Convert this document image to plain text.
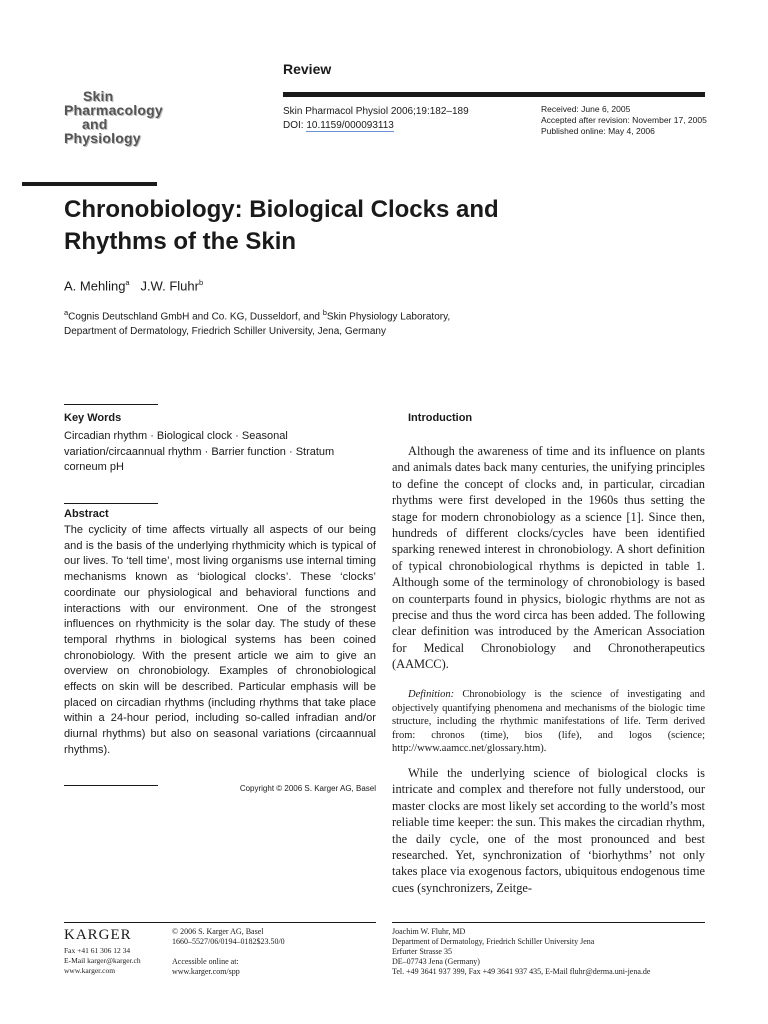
Review
Skin
Pharmacology
and
Physiology
Skin Pharmacol Physiol 2006;19:182–189
DOI: 10.1159/000093113
Received: June 6, 2005
Accepted after revision: November 17, 2005
Published online: May 4, 2006
Chronobiology: Biological Clocks and
Rhythms of the Skin
A. Mehling$^a$ J.W. Fluhr$^b$
$^a$Cognis Deutschland GmbH and Co. KG, Dusseldorf, and $^b$Skin Physiology Laboratory,
Department of Dermatology, Friedrich Schiller University, Jena, Germany
Key Words
Circadian rhythm · Biological clock · Seasonal variation/circaannual rhythm · Barrier function · Stratum corneum pH
Abstract
The cyclicity of time affects virtually all aspects of our being and is the basis of the underlying rhythmicity which is typical of our lives. To ‘tell time’, most living organisms use internal timing mechanisms known as ‘biological clocks’. These ‘clocks’ coordinate our physiological and behavioral functions and interactions with our environment. One of the strongest influences on rhythmicity is the solar day. The study of these temporal rhythms in biological systems has been coined chronobiology. With the present article we aim to give an overview on chronobiology. Examples of chronobiological effects on skin will be described. Particular emphasis will be placed on circadian rhythms (including rhythms that take place within a 24-hour period, including so-called infradian and/or diurnal rhythms) but also on seasonal variations (circaannual rhythms).
Copyright © 2006 S. Karger AG, Basel
Introduction
Although the awareness of time and its influence on plants and animals dates back many centuries, the unifying principles to define the concept of clocks and, in particular, circadian rhythms were first developed in the 1960s thus setting the stage for modern chronobiology as a science [1]. Since then, hundreds of different clocks/cycles have been identified sparking renewed interest in chronobiology. A short definition of typical chronobiological rhythms is depicted in table 1. Although some of the terminology of chronobiology is based on counterparts found in physics, biologic rhythms are not as precise and thus the word circa has been added. The following clear definition was introduced by the American Association for Medical Chronobiology and Chronotherapeutics (AAMCC).
Definition: Chronobiology is the science of investigating and objectively quantifying phenomena and mechanisms of the biologic time structure, including the rhythmic manifestations of life. Term derived from: chronos (time), bios (life), and logos (science; http://www.aamcc.net/glossary.htm).
While the underlying science of biological clocks is intricate and complex and therefore not fully understood, our master clocks are most likely set according to the world’s most reliable time keeper: the sun. This makes the circadian rhythm, the daily cycle, one of the most pronounced and best researched. Yet, synchronization of ‘biorhythms’ not only takes place via exogenous factors, ubiquitous endogenous time cues (synchronizers, Zeitge-
KARGER
Fax +41 61 306 12 34
E-Mail karger@karger.ch
www.karger.com
© 2006 S. Karger AG, Basel
1660–5527/06/0194–0182$23.50/0
Accessible online at:
www.karger.com/spp
Joachim W. Fluhr, MD
Department of Dermatology, Friedrich Schiller University Jena
Erfurter Strasse 35
DE–07743 Jena (Germany)
Tel. +49 3641 937 399, Fax +49 3641 937 435, E-Mail fluhr@derma.uni-jena.de
